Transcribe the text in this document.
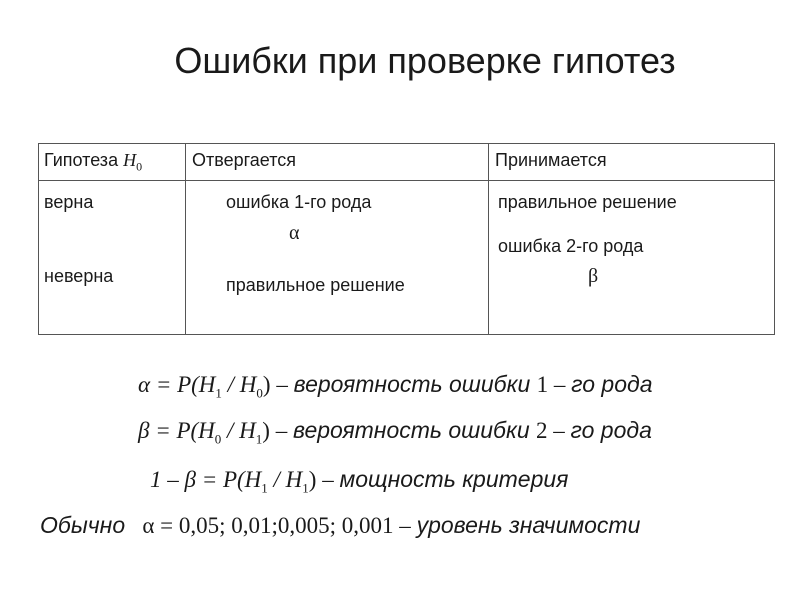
Ошибки при проверке гипотез
Гипотеза $H_0$	Отвергается	Принимается
верна
неверна
ошибка 1-го рода
α
правильное решение
правильное решение
ошибка 2-го рода
β
$\alpha = P(H_1 / H_0)$ – вероятность ошибки 1 – го рода
$\beta = P(H_0 / H_1)$ – вероятность ошибки 2 – го рода
$1 - \beta = P(H_1 / H_1)$ – мощность критерия
Обычно α = 0,05; 0,01;0,005; 0,001 – уровень значимости
